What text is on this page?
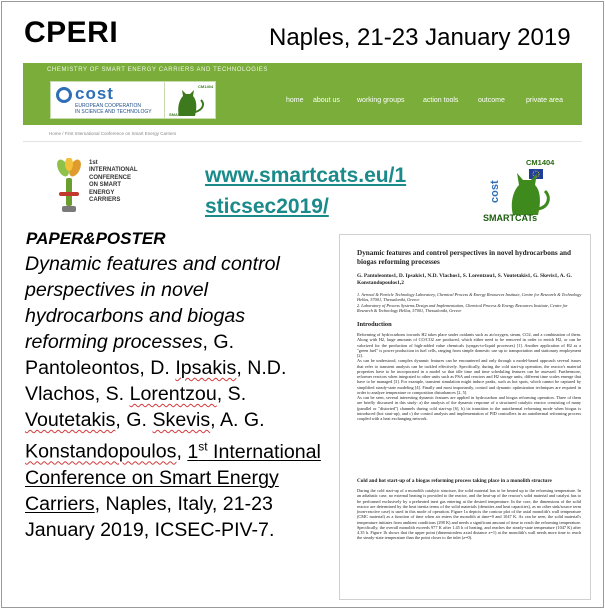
CPERI	Naples, 21-23 January 2019
CHEMISTRY OF SMART ENERGY CARRIERS AND TECHNOLOGIES
cost
EUROPEAN COOPERATION
IN SCIENCE AND TECHNOLOGY
CM1404
SMARTCATs
home about us working groups	action tools	outcome	private area
Home / First International Conference on Smart Energy Carriers
1st
INTERNATIONAL
CONFERENCE
ON SMART
ENERGY
CARRIERS
www.smartcats.eu/1
sticsec2019/
CM1404
cost
SMARTCATs
PAPER&POSTER
Dynamic features and control perspectives in novel hydrocarbons and biogas reforming processes, G. Pantoleontos, D. Ipsakis, N.D. Vlachos, S. Lorentzou, S. Voutetakis, G. Skevis, A. G. Konstandopoulos, 1st International Conference on Smart Energy Carriers, Naples, Italy, 21-23 January 2019, ICSEC-PIV-7.
Dynamic features and control perspectives in novel hydrocarbons and biogas reforming processes
G. Pantoleontos1, D. Ipsakis1, N.D. Vlachos1, S. Lorentzou1, S. Voutetakis1, G. Skevis1, A. G. Konstandopoulos1,2
1. Aerosol & Particle Technology Laboratory, Chemical Process & Energy Resources Institute, Centre for Research & Technology Hellas, 57001, Thessaloniki, Greece
2. Laboratory of Process Systems Design and Implementation, Chemical Process & Energy Resources Institute, Centre for Research & Technology Hellas, 57001, Thessaloniki, Greece
Introduction
Reforming of hydrocarbons towards H2 takes place under oxidants such as air/oxygen, steam, CO2, and a combination of them. Along with H2, large amounts of CO/CO2 are produced, which either need to be removed in order to enrich H2, or can be valorized for the production of high-added value chemicals (syngas-to-liquid processes) [1]. Another application of H2 as a "green fuel" is power production in fuel cells, ranging from simple domestic use up to transportation and stationary employment [2].
As can be understood, complex dynamic features can be encountered and only through a model-based approach several issues that refer to transient analysis can be tackled effectively. Specifically, during the cold start-up operation, the reactor's material properties have to be incorporated in a model so that idle time and time scheduling features can be assessed. Furthermore, reformer reactors when integrated to other units such as PSA and reactors and H2 storage units, different time scales emerge that have to be managed [3]. For example, transient simulation might induce peaks, such as hot spots, which cannot be captured by simplified steady-state modeling [4]. Finally and most importantly, control and dynamic optimization techniques are required in order to analyze temperature or composition disturbances [2, 5].
As can be seen, several interesting dynamic features are applied in hydrocarbon and biogas reforming operation. Three of them are briefly discussed in this study: a) the analysis of the dynamic response of a structured catalytic reactor consisting of many (parallel or "distorted") channels during cold start-up [6], b) its transition to the autothermal reforming mode when biogas is introduced (hot start-up), and c) the control analysis and implementation of PID controllers in an autothermal reforming process coupled with a heat exchanging network.
Cold and hot start-up of a biogas reforming process taking place in a monolith structure
During the cold start-up of a monolith catalytic structure, the solid material has to be heated up to the reforming temperature. In an adiabatic case, no external heating is provided to the reactor, and the heat-up of the reactor's solid material and catalyst has to be performed exclusively by a preheated inert gas entering at the desired temperature. In the core, the dimensions of the solid reactor are determined by the heat inertia terms of the solid materials (densities and heat capacities), as no other sink/source term (non-reactive case) is used in this mode of operation. Figure 1a depicts the contour plot of the axial monolith's wall temperature (CMC material) as a function of time when air enters the monolith at time=0 and 1047 K. As can be seen, the solid material's temperature initiates from ambient conditions (298 K) and needs a significant amount of time to reach the reforming temperature. Specifically, the overall monolith exceeds 977 K after 1.45 h of heating, and reaches the steady-state temperature (1047 K) after 4.35 h. Figure 1b shows that the upper point (dimensionless axial distance z=1) at the monolith's wall needs more time to reach the steady-state temperature than the point closer to the inlet (z=0).
